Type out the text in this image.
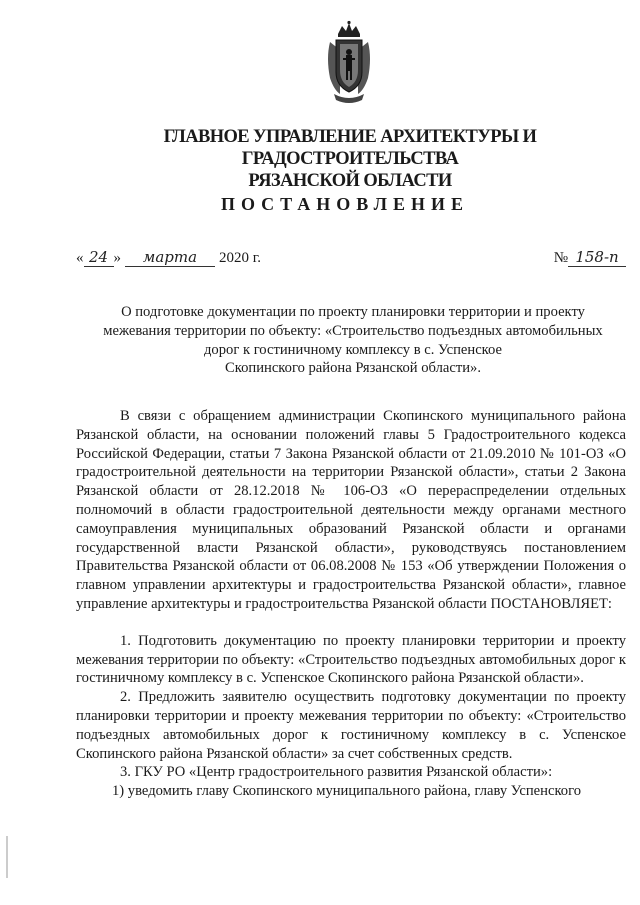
ГЛАВНОЕ УПРАВЛЕНИЕ АРХИТЕКТУРЫ И ГРАДОСТРОИТЕЛЬСТВА
РЯЗАНСКОЙ ОБЛАСТИ
ПОСТАНОВЛЕНИЕ
« 24 » марта 2020 г.	№ 158-п
О подготовке документации по проекту планировки территории и проекту
межевания территории по объекту: «Строительство подъездных автомобильных
дорог к гостиничному комплексу в с. Успенское
Скопинского района Рязанской области».

В связи с обращением администрации Скопинского муниципального района Рязанской области, на основании положений главы 5 Градостроительного кодекса Российской Федерации, статьи 7 Закона Рязанской области от 21.09.2010 № 101-ОЗ «О градостроительной деятельности на территории Рязанской области», статьи 2 Закона Рязанской области от 28.12.2018 № 106-ОЗ «О перераспределении отдельных полномочий в области градостроительной деятельности между органами местного самоуправления муниципальных образований Рязанской области и органами государственной власти Рязанской области», руководствуясь постановлением Правительства Рязанской области от 06.08.2008 № 153 «Об утверждении Положения о главном управлении архитектуры и градостроительства Рязанской области», главное управление архитектуры и градостроительства Рязанской области ПОСТАНОВЛЯЕТ:

1. Подготовить документацию по проекту планировки территории и проекту межевания территории по объекту: «Строительство подъездных автомобильных дорог к гостиничному комплексу в с. Успенское Скопинского района Рязанской области».

2. Предложить заявителю осуществить подготовку документации по проекту планировки территории и проекту межевания территории по объекту: «Строительство подъездных автомобильных дорог к гостиничному комплексу в с. Успенское Скопинского района Рязанской области» за счет собственных средств.

3. ГКУ РО «Центр градостроительного развития Рязанской области»:

1) уведомить главу Скопинского муниципального района, главу Успенского
